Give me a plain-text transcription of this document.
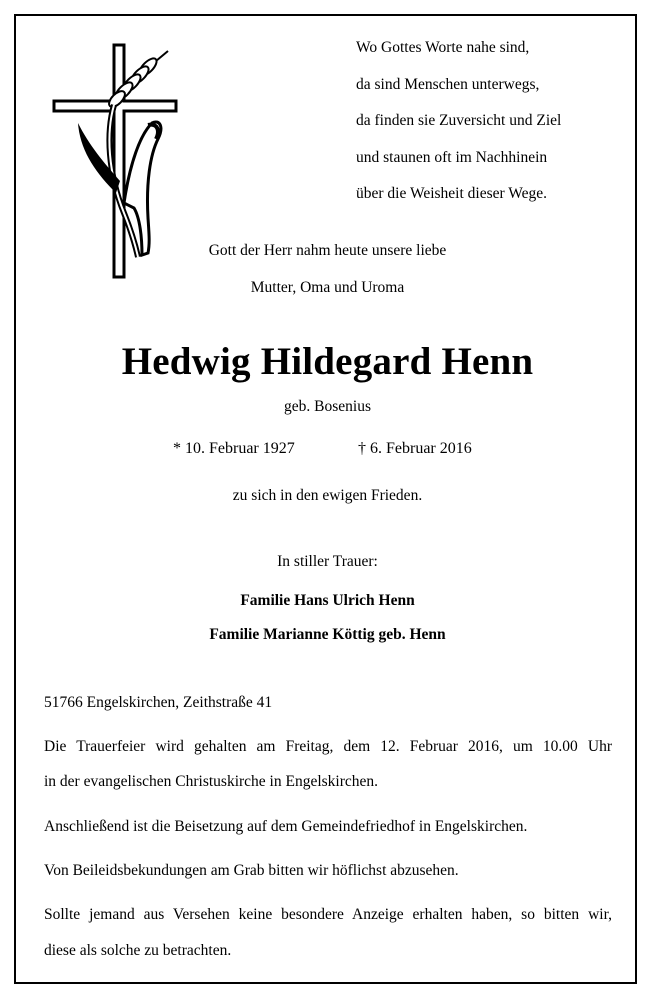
Wo Gottes Worte nahe sind,
da sind Menschen unterwegs,
da finden sie Zuversicht und Ziel
und staunen oft im Nachhinein
über die Weisheit dieser Wege.
Gott der Herr nahm heute unsere liebe
Mutter, Oma und Uroma
Hedwig Hildegard Henn
geb. Bosenius
* 10. Februar 1927	† 6. Februar 2016
zu sich in den ewigen Frieden.
In stiller Trauer:
Familie Hans Ulrich Henn
Familie Marianne Köttig geb. Henn
51766 Engelskirchen, Zeithstraße 41
Die Trauerfeier wird gehalten am Freitag, dem 12. Februar 2016, um 10.00 Uhr
in der evangelischen Christuskirche in Engelskirchen.
Anschließend ist die Beisetzung auf dem Gemeindefriedhof in Engelskirchen.
Von Beileidsbekundungen am Grab bitten wir höflichst abzusehen.
Sollte jemand aus Versehen keine besondere Anzeige erhalten haben, so bitten wir,
diese als solche zu betrachten.
